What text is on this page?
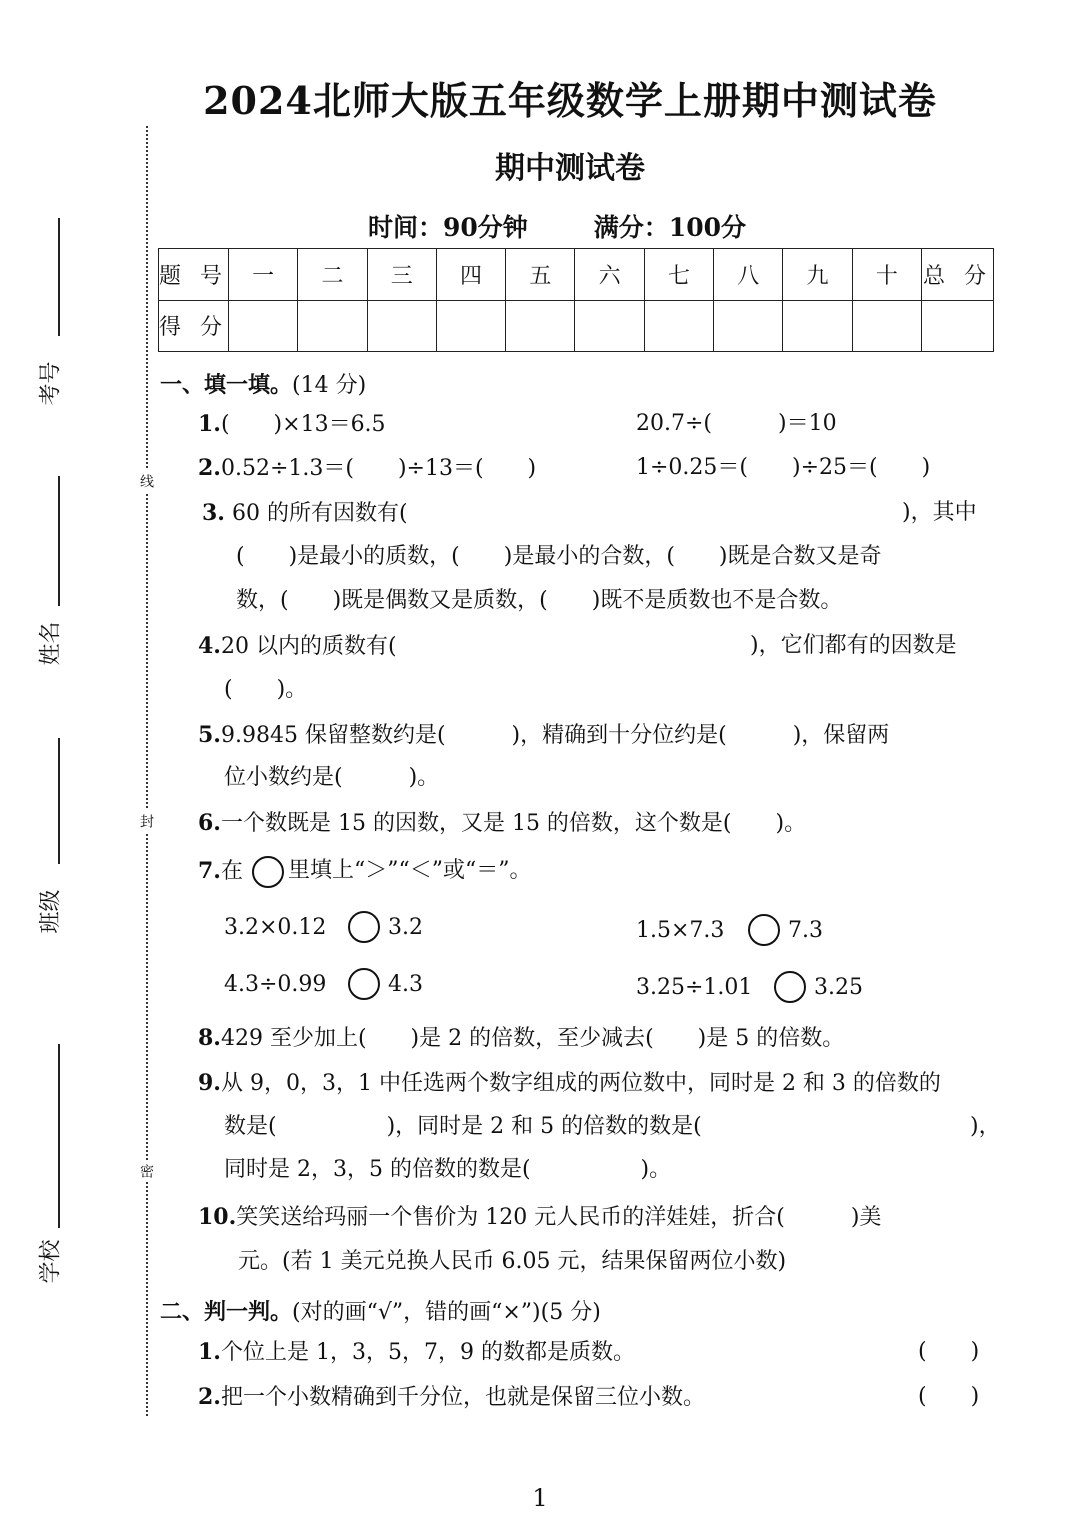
2024北师大版五年级数学上册期中测试卷
期中测试卷
时间：90分钟	满分：100分
线
封
密
考号
姓名
班级
学校
题 号	一	二	三	四	五	六	七	八	九	十	总 分
得 分											
一、填一填。(14 分)
1.(　　)×13＝6.5	20.7÷(　　　)＝10
2.0.52÷1.3＝(　　)÷13＝(　　)	1÷0.25＝(　　)÷25＝(　　)
3. 60 的所有因数有(	)，其中
(　　)是最小的质数，(　　)是最小的合数，(　　)既是合数又是奇
数，(　　)既是偶数又是质数，(　　)既不是质数也不是合数。
4.20 以内的质数有(	)，它们都有的因数是
(　　)。
5.9.9845 保留整数约是(　　　)，精确到十分位约是(　　　)，保留两
位小数约是(　　　)。
6.一个数既是 15 的因数，又是 15 的倍数，这个数是(　　)。
7.在 里填上“＞”“＜”或“＝”。
3.2×0.12	3.2	1.5×7.3	7.3
4.3÷0.99	4.3	3.25÷1.01	3.25
8.429 至少加上(　　)是 2 的倍数，至少减去(　　)是 5 的倍数。
9.从 9，0，3，1 中任选两个数字组成的两位数中，同时是 2 和 3 的倍数的
数是(　　　　　)，同时是 2 和 5 的倍数的数是(	)，
同时是 2，3，5 的倍数的数是(　　　　　)。
10.笑笑送给玛丽一个售价为 120 元人民币的洋娃娃，折合(　　　)美
元。(若 1 美元兑换人民币 6.05 元，结果保留两位小数)
二、判一判。(对的画“√”，错的画“×”)(5 分)
1.个位上是 1，3，5，7，9 的数都是质数。	(　　)
2.把一个小数精确到千分位，也就是保留三位小数。	(　　)
1
